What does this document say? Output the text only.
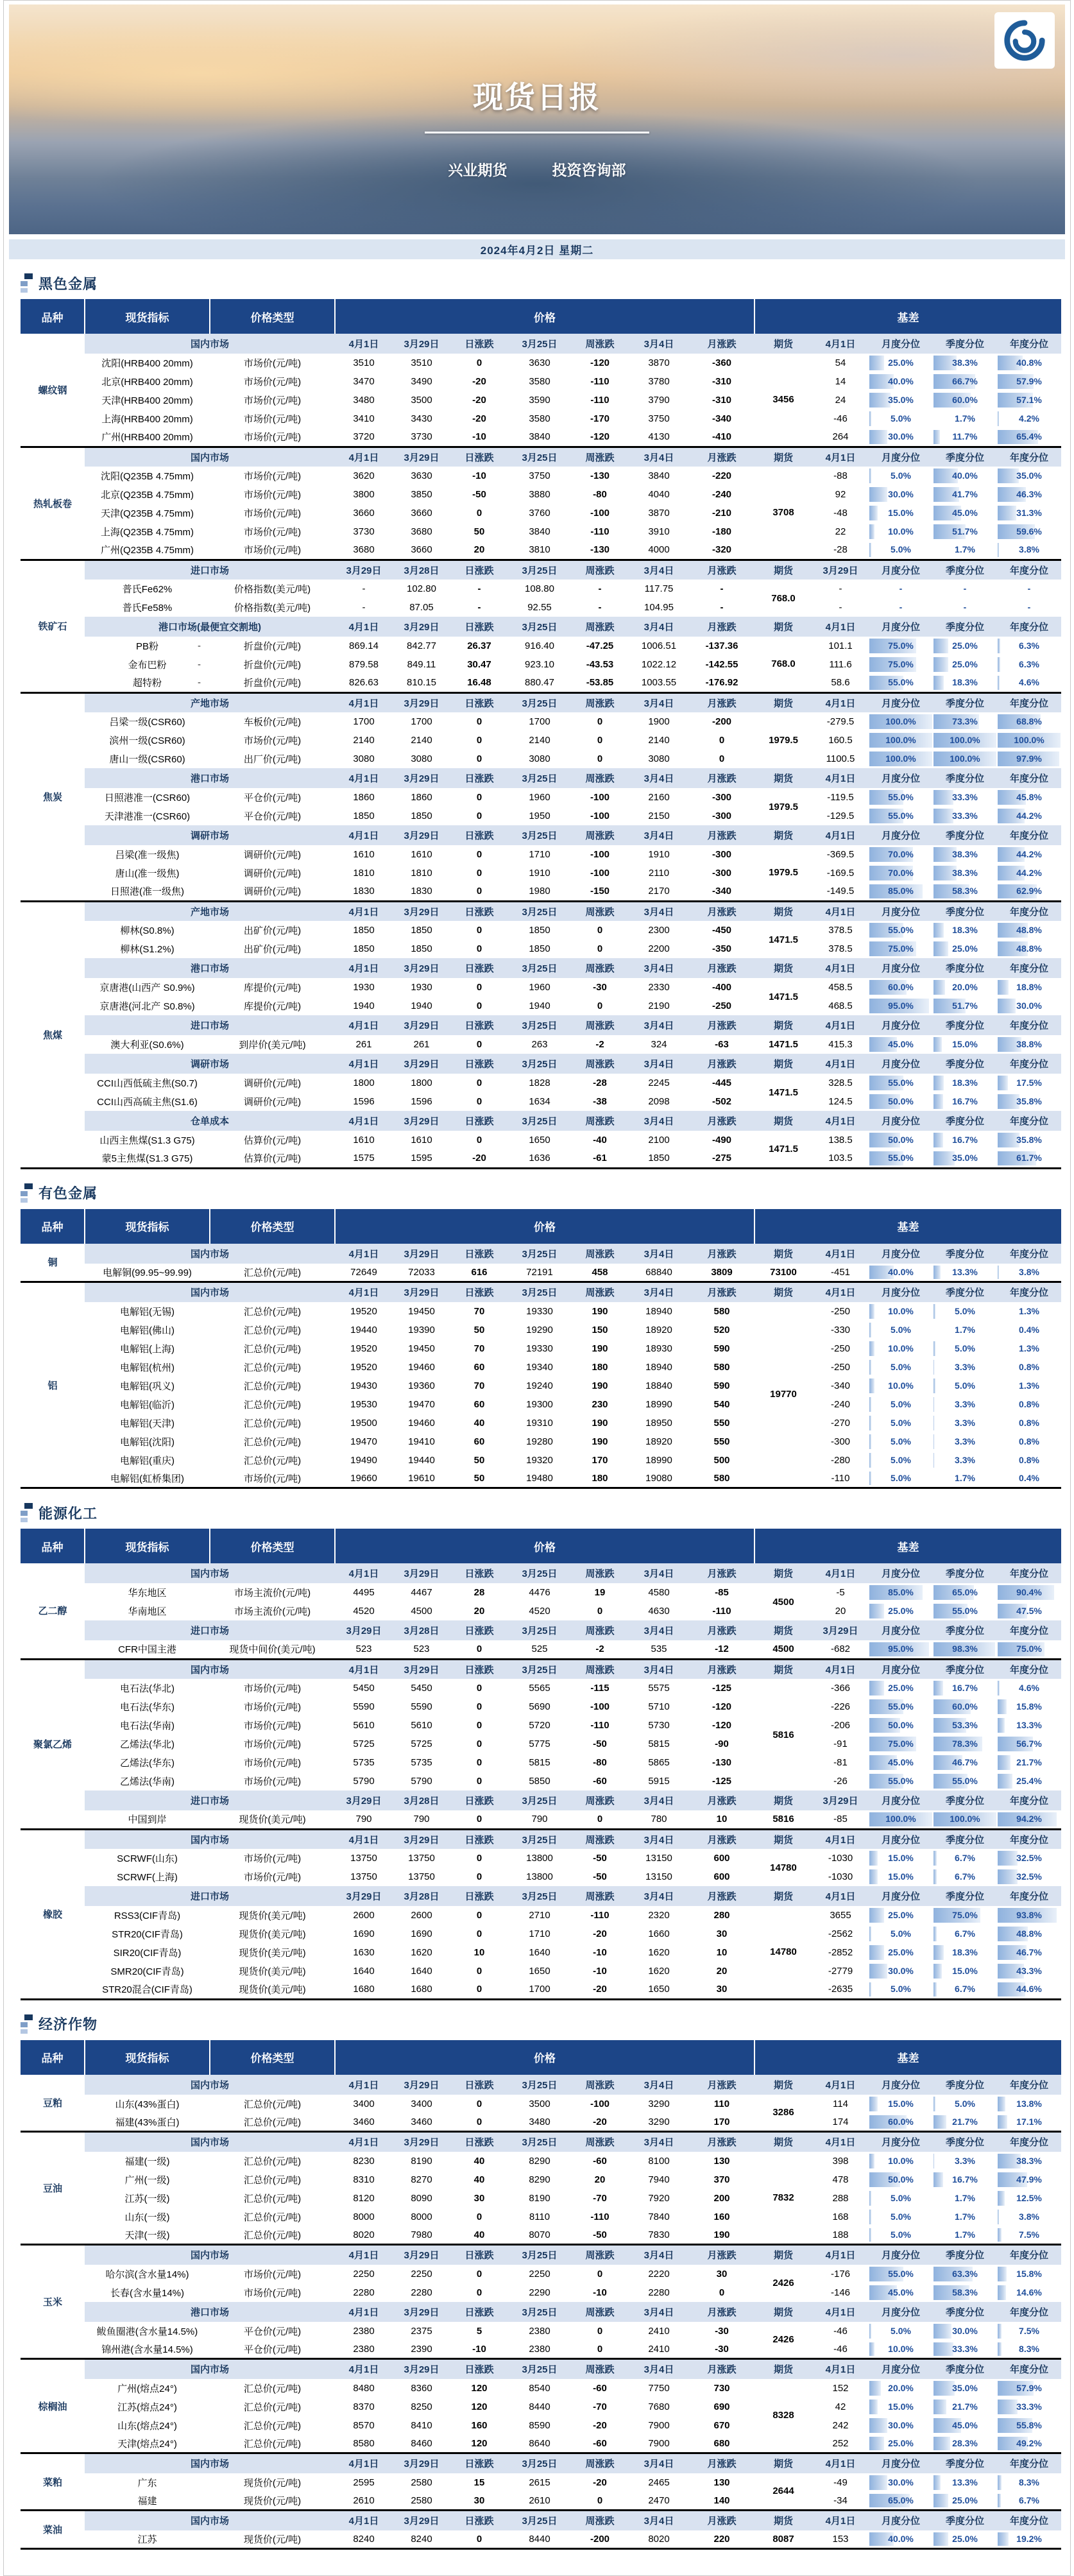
现货日报
兴业期货	投资咨询部
2024年4月2日 星期二
黑色金属
品种	现货指标	价格类型	价格							基差				
螺纹钢	国内市场		4月1日	3月29日	日涨跌	3月25日	周涨跌	3月4日	月涨跌	期货	4月1日	月度分位	季度分位	年度分位
	沈阳(HRB400 20mm)	市场价(元/吨)	3510	3510	0	3630	-120	3870	-360	3456	54	25.0%	38.3%	40.8%
	北京(HRB400 20mm)	市场价(元/吨)	3470	3490	-20	3580	-110	3780	-310		14	40.0%	66.7%	57.9%
	天津(HRB400 20mm)	市场价(元/吨)	3480	3500	-20	3590	-110	3790	-310		24	35.0%	60.0%	57.1%
	上海(HRB400 20mm)	市场价(元/吨)	3410	3430	-20	3580	-170	3750	-340		-46	5.0%	1.7%	4.2%
	广州(HRB400 20mm)	市场价(元/吨)	3720	3730	-10	3840	-120	4130	-410		264	30.0%	11.7%	65.4%
热轧板卷	国内市场		4月1日	3月29日	日涨跌	3月25日	周涨跌	3月4日	月涨跌	期货	4月1日	月度分位	季度分位	年度分位
	沈阳(Q235B 4.75mm)	市场价(元/吨)	3620	3630	-10	3750	-130	3840	-220	3708	-88	5.0%	40.0%	35.0%
	北京(Q235B 4.75mm)	市场价(元/吨)	3800	3850	-50	3880	-80	4040	-240		92	30.0%	41.7%	46.3%
	天津(Q235B 4.75mm)	市场价(元/吨)	3660	3660	0	3760	-100	3870	-210		-48	15.0%	45.0%	31.3%
	上海(Q235B 4.75mm)	市场价(元/吨)	3730	3680	50	3840	-110	3910	-180		22	10.0%	51.7%	59.6%
	广州(Q235B 4.75mm)	市场价(元/吨)	3680	3660	20	3810	-130	4000	-320		-28	5.0%	1.7%	3.8%
铁矿石	进口市场		3月29日	3月28日	日涨跌	3月25日	周涨跌	3月4日	月涨跌	期货	3月29日	月度分位	季度分位	年度分位
	普氏Fe62%	价格指数(美元/吨)	-	102.80	-	108.80	-	117.75	-	768.0	-	-	-	-
	普氏Fe58%	价格指数(美元/吨)	-	87.05	-	92.55	-	104.95	-		-	-	-	-
	港口市场(最便宜交割地)		4月1日	3月29日	日涨跌	3月25日	周涨跌	3月4日	月涨跌	期货	4月1日	月度分位	季度分位	年度分位
	PB粉 -	折盘价(元/吨)	869.14	842.77	26.37	916.40	-47.25	1006.51	-137.36	768.0	101.1	75.0%	25.0%	6.3%
	金布巴粉 -	折盘价(元/吨)	879.58	849.11	30.47	923.10	-43.53	1022.12	-142.55		111.6	75.0%	25.0%	6.3%
	超特粉 -	折盘价(元/吨)	826.63	810.15	16.48	880.47	-53.85	1003.55	-176.92		58.6	55.0%	18.3%	4.6%
焦炭	产地市场		4月1日	3月29日	日涨跌	3月25日	周涨跌	3月4日	月涨跌	期货	4月1日	月度分位	季度分位	年度分位
	吕梁一级(CSR60)	车板价(元/吨)	1700	1700	0	1700	0	1900	-200	1979.5	-279.5	100.0%	73.3%	68.8%
	滨州一级(CSR60)	市场价(元/吨)	2140	2140	0	2140	0	2140	0		160.5	100.0%	100.0%	100.0%
	唐山一级(CSR60)	出厂价(元/吨)	3080	3080	0	3080	0	3080	0		1100.5	100.0%	100.0%	97.9%
	港口市场		4月1日	3月29日	日涨跌	3月25日	周涨跌	3月4日	月涨跌	期货	4月1日	月度分位	季度分位	年度分位
	日照港准一(CSR60)	平仓价(元/吨)	1860	1860	0	1960	-100	2160	-300	1979.5	-119.5	55.0%	33.3%	45.8%
	天津港准一(CSR60)	平仓价(元/吨)	1850	1850	0	1950	-100	2150	-300		-129.5	55.0%	33.3%	44.2%
	调研市场		4月1日	3月29日	日涨跌	3月25日	周涨跌	3月4日	月涨跌	期货	4月1日	月度分位	季度分位	年度分位
	吕梁(准一级焦)	调研价(元/吨)	1610	1610	0	1710	-100	1910	-300	1979.5	-369.5	70.0%	38.3%	44.2%
	唐山(准一级焦)	调研价(元/吨)	1810	1810	0	1910	-100	2110	-300		-169.5	70.0%	38.3%	44.2%
	日照港(准一级焦)	调研价(元/吨)	1830	1830	0	1980	-150	2170	-340		-149.5	85.0%	58.3%	62.9%
焦煤	产地市场		4月1日	3月29日	日涨跌	3月25日	周涨跌	3月4日	月涨跌	期货	4月1日	月度分位	季度分位	年度分位
	柳林(S0.8%)	出矿价(元/吨)	1850	1850	0	1850	0	2300	-450	1471.5	378.5	55.0%	18.3%	48.8%
	柳林(S1.2%)	出矿价(元/吨)	1850	1850	0	1850	0	2200	-350		378.5	75.0%	25.0%	48.8%
	港口市场		4月1日	3月29日	日涨跌	3月25日	周涨跌	3月4日	月涨跌	期货	4月1日	月度分位	季度分位	年度分位
	京唐港(山西产 S0.9%)	库提价(元/吨)	1930	1930	0	1960	-30	2330	-400	1471.5	458.5	60.0%	20.0%	18.8%
	京唐港(河北产 S0.8%)	库提价(元/吨)	1940	1940	0	1940	0	2190	-250		468.5	95.0%	51.7%	30.0%
	进口市场		4月1日	3月29日	日涨跌	3月25日	周涨跌	3月4日	月涨跌	期货	4月1日	月度分位	季度分位	年度分位
	澳大利亚(S0.6%)	到岸价(美元/吨)	261	261	0	263	-2	324	-63	1471.5	415.3	45.0%	15.0%	38.8%
	调研市场		4月1日	3月29日	日涨跌	3月25日	周涨跌	3月4日	月涨跌	期货	4月1日	月度分位	季度分位	年度分位
	CCI山西低硫主焦(S0.7)	调研价(元/吨)	1800	1800	0	1828	-28	2245	-445	1471.5	328.5	55.0%	18.3%	17.5%
	CCI山西高硫主焦(S1.6)	调研价(元/吨)	1596	1596	0	1634	-38	2098	-502		124.5	50.0%	16.7%	35.8%
	仓单成本		4月1日	3月29日	日涨跌	3月25日	周涨跌	3月4日	月涨跌	期货	4月1日	月度分位	季度分位	年度分位
	山西主焦煤(S1.3 G75)	估算价(元/吨)	1610	1610	0	1650	-40	2100	-490	1471.5	138.5	50.0%	16.7%	35.8%
	蒙5主焦煤(S1.3 G75)	估算价(元/吨)	1575	1595	-20	1636	-61	1850	-275		103.5	55.0%	35.0%	61.7%
有色金属
品种	现货指标	价格类型	价格							基差				
铜	国内市场		4月1日	3月29日	日涨跌	3月25日	周涨跌	3月4日	月涨跌	期货	4月1日	月度分位	季度分位	年度分位
	电解铜(99.95~99.99)	汇总价(元/吨)	72649	72033	616	72191	458	68840	3809	73100	-451	40.0%	13.3%	3.8%
铝	国内市场		4月1日	3月29日	日涨跌	3月25日	周涨跌	3月4日	月涨跌	期货	4月1日	月度分位	季度分位	年度分位
	电解铝(无锡)	汇总价(元/吨)	19520	19450	70	19330	190	18940	580	19770	-250	10.0%	5.0%	1.3%
	电解铝(佛山)	汇总价(元/吨)	19440	19390	50	19290	150	18920	520		-330	5.0%	1.7%	0.4%
	电解铝(上海)	汇总价(元/吨)	19520	19450	70	19330	190	18930	590		-250	10.0%	5.0%	1.3%
	电解铝(杭州)	汇总价(元/吨)	19520	19460	60	19340	180	18940	580		-250	5.0%	3.3%	0.8%
	电解铝(巩义)	汇总价(元/吨)	19430	19360	70	19240	190	18840	590		-340	10.0%	5.0%	1.3%
	电解铝(临沂)	汇总价(元/吨)	19530	19470	60	19300	230	18990	540		-240	5.0%	3.3%	0.8%
	电解铝(天津)	汇总价(元/吨)	19500	19460	40	19310	190	18950	550		-270	5.0%	3.3%	0.8%
	电解铝(沈阳)	汇总价(元/吨)	19470	19410	60	19280	190	18920	550		-300	5.0%	3.3%	0.8%
	电解铝(重庆)	汇总价(元/吨)	19490	19440	50	19320	170	18990	500		-280	5.0%	3.3%	0.8%
	电解铝(虹桥集团)	市场价(元/吨)	19660	19610	50	19480	180	19080	580		-110	5.0%	1.7%	0.4%
能源化工
品种	现货指标	价格类型	价格							基差				
乙二醇	国内市场		4月1日	3月29日	日涨跌	3月25日	周涨跌	3月4日	月涨跌	期货	4月1日	月度分位	季度分位	年度分位
	华东地区	市场主流价(元/吨)	4495	4467	28	4476	19	4580	-85	4500	-5	85.0%	65.0%	90.4%
	华南地区	市场主流价(元/吨)	4520	4500	20	4520	0	4630	-110		20	25.0%	55.0%	47.5%
	进口市场		3月29日	3月28日	日涨跌	3月25日	周涨跌	3月4日	月涨跌	期货	3月29日	月度分位	季度分位	年度分位
	CFR中国主港	现货中间价(美元/吨)	523	523	0	525	-2	535	-12	4500	-682	95.0%	98.3%	75.0%
聚氯乙烯	国内市场		4月1日	3月29日	日涨跌	3月25日	周涨跌	3月4日	月涨跌	期货	4月1日	月度分位	季度分位	年度分位
	电石法(华北)	市场价(元/吨)	5450	5450	0	5565	-115	5575	-125	5816	-366	25.0%	16.7%	4.6%
	电石法(华东)	市场价(元/吨)	5590	5590	0	5690	-100	5710	-120		-226	55.0%	60.0%	15.8%
	电石法(华南)	市场价(元/吨)	5610	5610	0	5720	-110	5730	-120		-206	50.0%	53.3%	13.3%
	乙烯法(华北)	市场价(元/吨)	5725	5725	0	5775	-50	5815	-90		-91	75.0%	78.3%	56.7%
	乙烯法(华东)	市场价(元/吨)	5735	5735	0	5815	-80	5865	-130		-81	45.0%	46.7%	21.7%
	乙烯法(华南)	市场价(元/吨)	5790	5790	0	5850	-60	5915	-125		-26	55.0%	55.0%	25.4%
	进口市场		3月29日	3月28日	日涨跌	3月25日	周涨跌	3月4日	月涨跌	期货	3月29日	月度分位	季度分位	年度分位
	中国到岸	现货价(美元/吨)	790	790	0	790	0	780	10	5816	-85	100.0%	100.0%	94.2%
橡胶	国内市场		4月1日	3月29日	日涨跌	3月25日	周涨跌	3月4日	月涨跌	期货	4月1日	月度分位	季度分位	年度分位
	SCRWF(山东)	市场价(元/吨)	13750	13750	0	13800	-50	13150	600	14780	-1030	15.0%	6.7%	32.5%
	SCRWF(上海)	市场价(元/吨)	13750	13750	0	13800	-50	13150	600		-1030	15.0%	6.7%	32.5%
	进口市场		3月29日	3月28日	日涨跌	3月25日	周涨跌	3月4日	月涨跌	期货	4月1日	月度分位	季度分位	年度分位
	RSS3(CIF青岛)	现货价(美元/吨)	2600	2600	0	2710	-110	2320	280	14780	3655	25.0%	75.0%	93.8%
	STR20(CIF青岛)	现货价(美元/吨)	1690	1690	0	1710	-20	1660	30		-2562	5.0%	6.7%	48.8%
	SIR20(CIF青岛)	现货价(美元/吨)	1630	1620	10	1640	-10	1620	10		-2852	25.0%	18.3%	46.7%
	SMR20(CIF青岛)	现货价(美元/吨)	1640	1640	0	1650	-10	1620	20		-2779	30.0%	15.0%	43.3%
	STR20混合(CIF青岛)	现货价(美元/吨)	1680	1680	0	1700	-20	1650	30		-2635	5.0%	6.7%	44.6%
经济作物
品种	现货指标	价格类型	价格							基差				
豆粕	国内市场		4月1日	3月29日	日涨跌	3月25日	周涨跌	3月4日	月涨跌	期货	4月1日	月度分位	季度分位	年度分位
	山东(43%蛋白)	汇总价(元/吨)	3400	3400	0	3500	-100	3290	110	3286	114	15.0%	5.0%	13.8%
	福建(43%蛋白)	汇总价(元/吨)	3460	3460	0	3480	-20	3290	170		174	60.0%	21.7%	17.1%
豆油	国内市场		4月1日	3月29日	日涨跌	3月25日	周涨跌	3月4日	月涨跌	期货	4月1日	月度分位	季度分位	年度分位
	福建(一级)	汇总价(元/吨)	8230	8190	40	8290	-60	8100	130	7832	398	10.0%	3.3%	38.3%
	广州(一级)	汇总价(元/吨)	8310	8270	40	8290	20	7940	370		478	50.0%	16.7%	47.9%
	江苏(一级)	汇总价(元/吨)	8120	8090	30	8190	-70	7920	200		288	5.0%	1.7%	12.5%
	山东(一级)	汇总价(元/吨)	8000	8000	0	8110	-110	7840	160		168	5.0%	1.7%	3.8%
	天津(一级)	汇总价(元/吨)	8020	7980	40	8070	-50	7830	190		188	5.0%	1.7%	7.5%
玉米	国内市场		4月1日	3月29日	日涨跌	3月25日	周涨跌	3月4日	月涨跌	期货	4月1日	月度分位	季度分位	年度分位
	哈尔滨(含水量14%)	市场价(元/吨)	2250	2250	0	2250	0	2220	30	2426	-176	55.0%	63.3%	15.8%
	长春(含水量14%)	市场价(元/吨)	2280	2280	0	2290	-10	2280	0		-146	45.0%	58.3%	14.6%
	港口市场		4月1日	3月29日	日涨跌	3月25日	周涨跌	3月4日	月涨跌	期货	4月1日	月度分位	季度分位	年度分位
	鲅鱼圈港(含水量14.5%)	平仓价(元/吨)	2380	2375	5	2380	0	2410	-30	2426	-46	5.0%	30.0%	7.5%
	锦州港(含水量14.5%)	平仓价(元/吨)	2380	2390	-10	2380	0	2410	-30		-46	10.0%	33.3%	8.3%
棕榈油	国内市场		4月1日	3月29日	日涨跌	3月25日	周涨跌	3月4日	月涨跌	期货	4月1日	月度分位	季度分位	年度分位
	广州(熔点24°)	汇总价(元/吨)	8480	8360	120	8540	-60	7750	730	8328	152	20.0%	35.0%	57.9%
	江苏(熔点24°)	汇总价(元/吨)	8370	8250	120	8440	-70	7680	690		42	15.0%	21.7%	33.3%
	山东(熔点24°)	汇总价(元/吨)	8570	8410	160	8590	-20	7900	670		242	30.0%	45.0%	55.8%
	天津(熔点24°)	汇总价(元/吨)	8580	8460	120	8640	-60	7900	680		252	25.0%	28.3%	49.2%
菜粕	国内市场		4月1日	3月29日	日涨跌	3月25日	周涨跌	3月4日	月涨跌	期货	4月1日	月度分位	季度分位	年度分位
	广东	现货价(元/吨)	2595	2580	15	2615	-20	2465	130	2644	-49	30.0%	13.3%	8.3%
	福建	现货价(元/吨)	2610	2580	30	2610	0	2470	140		-34	65.0%	25.0%	6.7%
菜油	国内市场		4月1日	3月29日	日涨跌	3月25日	周涨跌	3月4日	月涨跌	期货	4月1日	月度分位	季度分位	年度分位
	江苏	现货价(元/吨)	8240	8240	0	8440	-200	8020	220	8087	153	40.0%	25.0%	19.2%
